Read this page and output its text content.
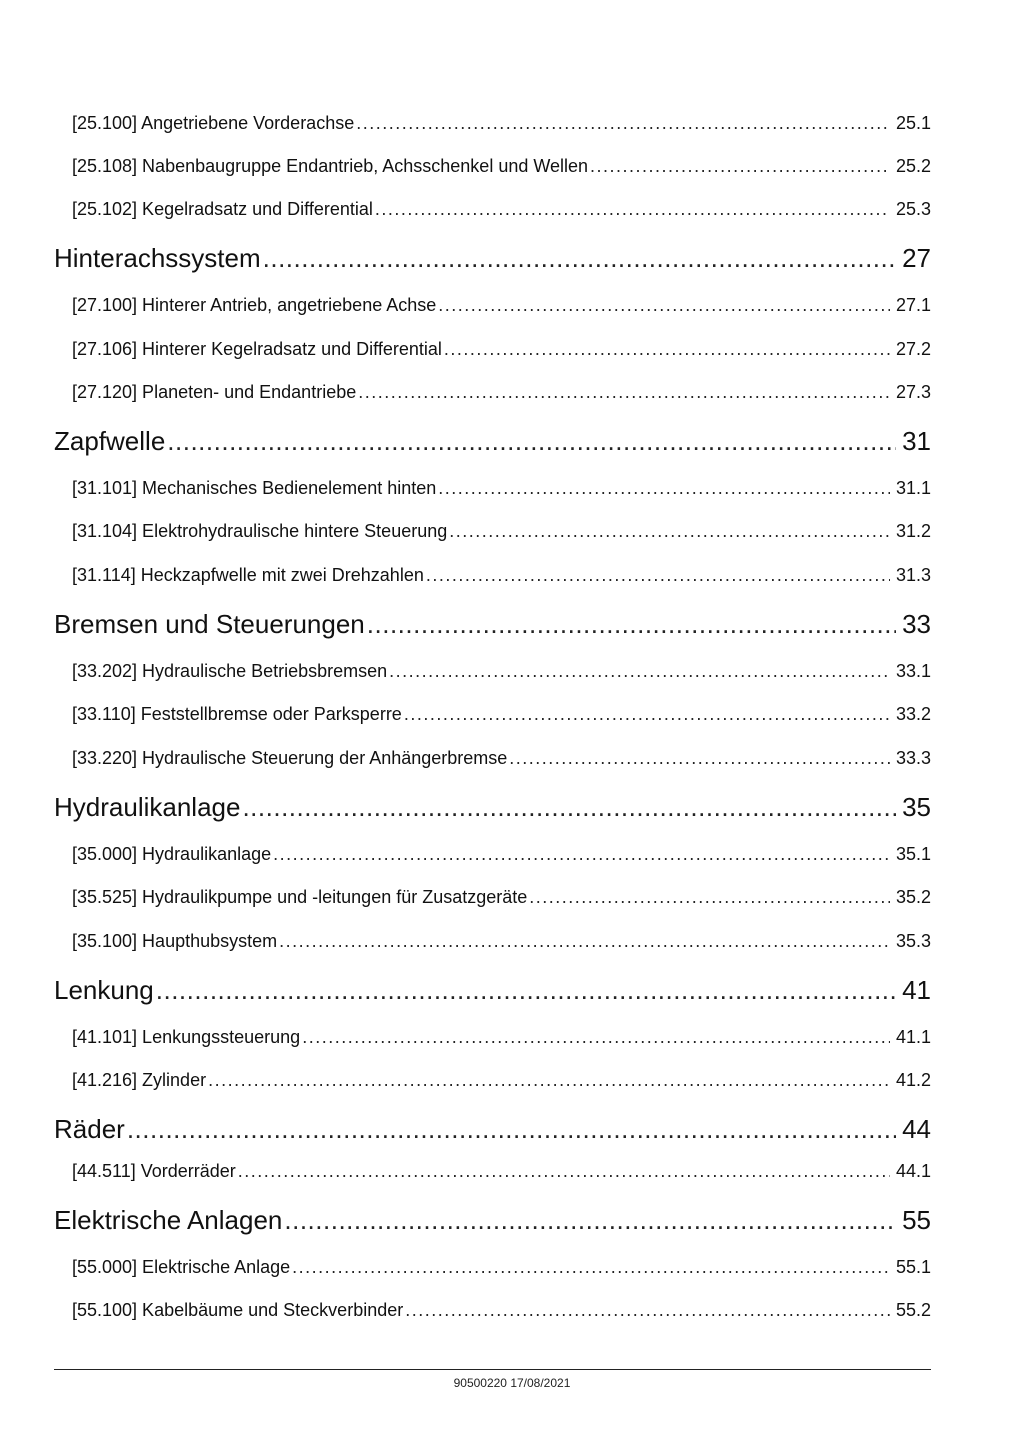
[25.100] Angetriebene Vorderachse .....	25.1
[25.108] Nabenbaugruppe Endantrieb, Achsschenkel und Wellen .....	25.2
[25.102] Kegelradsatz und Differential .....	25.3
Hinterachssystem .....	27
[27.100] Hinterer Antrieb, angetriebene Achse .....	27.1
[27.106] Hinterer Kegelradsatz und Differential .....	27.2
[27.120] Planeten- und Endantriebe .....	27.3
Zapfwelle .....	31
[31.101] Mechanisches Bedienelement hinten .....	31.1
[31.104] Elektrohydraulische hintere Steuerung .....	31.2
[31.114] Heckzapfwelle mit zwei Drehzahlen .....	31.3
Bremsen und Steuerungen .....	33
[33.202] Hydraulische Betriebsbremsen .....	33.1
[33.110] Feststellbremse oder Parksperre .....	33.2
[33.220] Hydraulische Steuerung der Anhängerbremse .....	33.3
Hydraulikanlage .....	35
[35.000] Hydraulikanlage .....	35.1
[35.525] Hydraulikpumpe und -leitungen für Zusatzgeräte .....	35.2
[35.100] Haupthubsystem .....	35.3
Lenkung .....	41
[41.101] Lenkungssteuerung .....	41.1
[41.216] Zylinder .....	41.2
Räder .....	44
[44.511] Vorderräder .....	44.1
Elektrische Anlagen .....	55
[55.000] Elektrische Anlage .....	55.1
[55.100] Kabelbäume und Steckverbinder .....	55.2
90500220 17/08/2021
